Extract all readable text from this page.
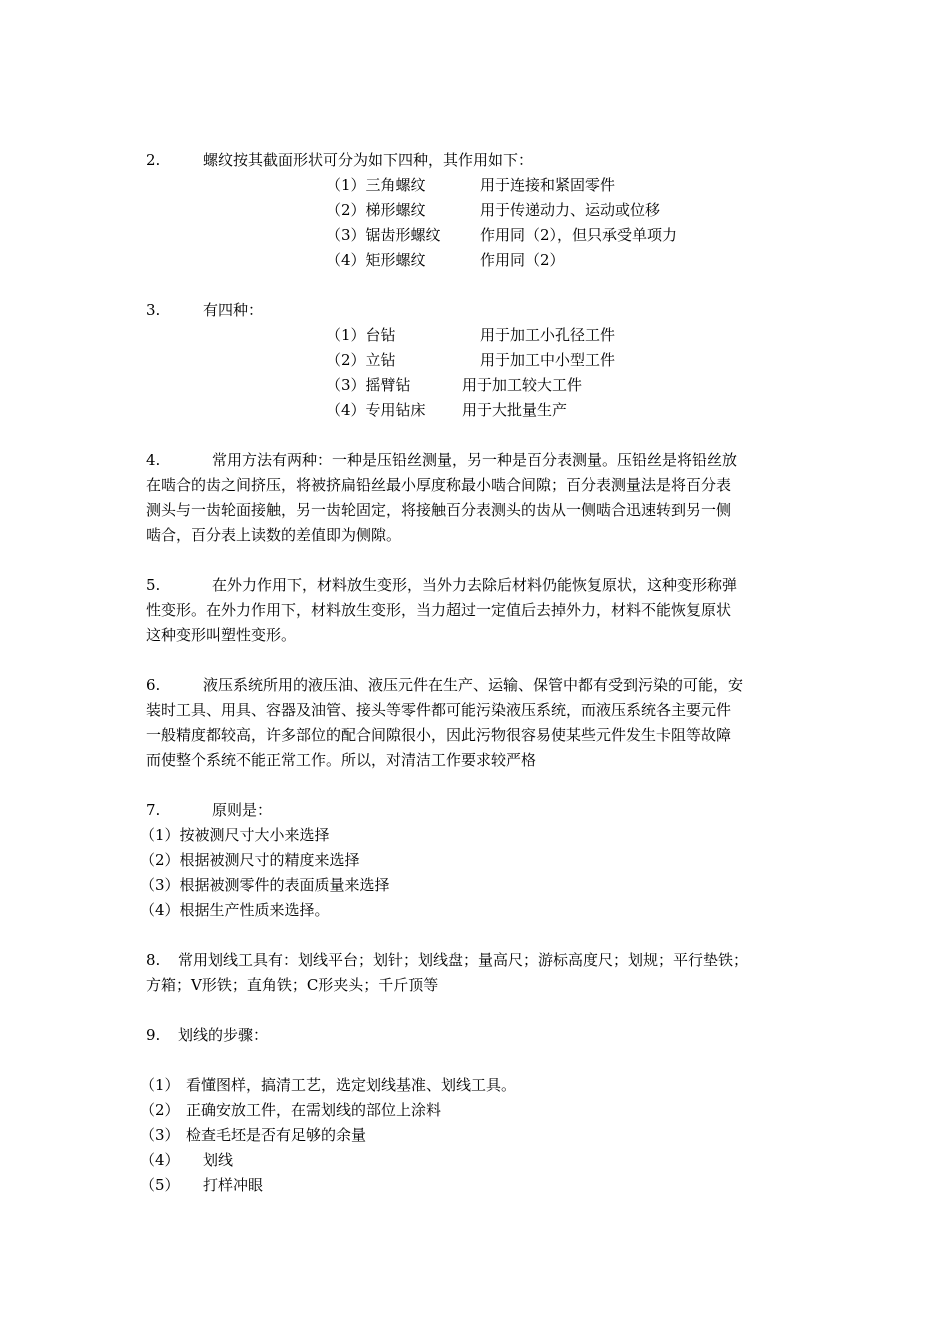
2.	螺纹按其截面形状可分为如下四种，其作用如下：
（1）三角螺纹	用于连接和紧固零件
（2）梯形螺纹	用于传递动力、运动或位移
（3）锯齿形螺纹	作用同（2），但只承受单项力
（4）矩形螺纹	作用同（2）
3.	有四种：
（1）台钻	用于加工小孔径工件
（2）立钻	用于加工中小型工件
（3）摇臂钻	用于加工较大工件
（4）专用钻床 用于大批量生产
4.	常用方法有两种：一种是压铅丝测量，另一种是百分表测量。压铅丝是将铅丝放
在啮合的齿之间挤压，将被挤扁铅丝最小厚度称最小啮合间隙；百分表测量法是将百分表
测头与一齿轮面接触，另一齿轮固定，将接触百分表测头的齿从一侧啮合迅速转到另一侧
啮合，百分表上读数的差值即为侧隙。
5.	在外力作用下，材料放生变形，当外力去除后材料仍能恢复原状，这种变形称弹
性变形。在外力作用下，材料放生变形，当力超过一定值后去掉外力，材料不能恢复原状
这种变形叫塑性变形。
6.	液压系统所用的液压油、液压元件在生产、运输、保管中都有受到污染的可能，安
装时工具、用具、容器及油管、接头等零件都可能污染液压系统，而液压系统各主要元件
一般精度都较高，许多部位的配合间隙很小，因此污物很容易使某些元件发生卡阻等故障
而使整个系统不能正常工作。所以，对清洁工作要求较严格
7.	原则是：
（1）按被测尺寸大小来选择
（2）根据被测尺寸的精度来选择
（3）根据被测零件的表面质量来选择
（4）根据生产性质来选择。
8. 常用划线工具有：划线平台；划针；划线盘；量高尺；游标高度尺；划规；平行垫铁；
方箱；V形铁；直角铁；C形夹头；千斤顶等
9. 划线的步骤：
（1） 看懂图样，搞清工艺，选定划线基准、划线工具。
（2） 正确安放工件，在需划线的部位上涂料
（3） 检查毛坯是否有足够的余量
（4） 划线
（5） 打样冲眼
